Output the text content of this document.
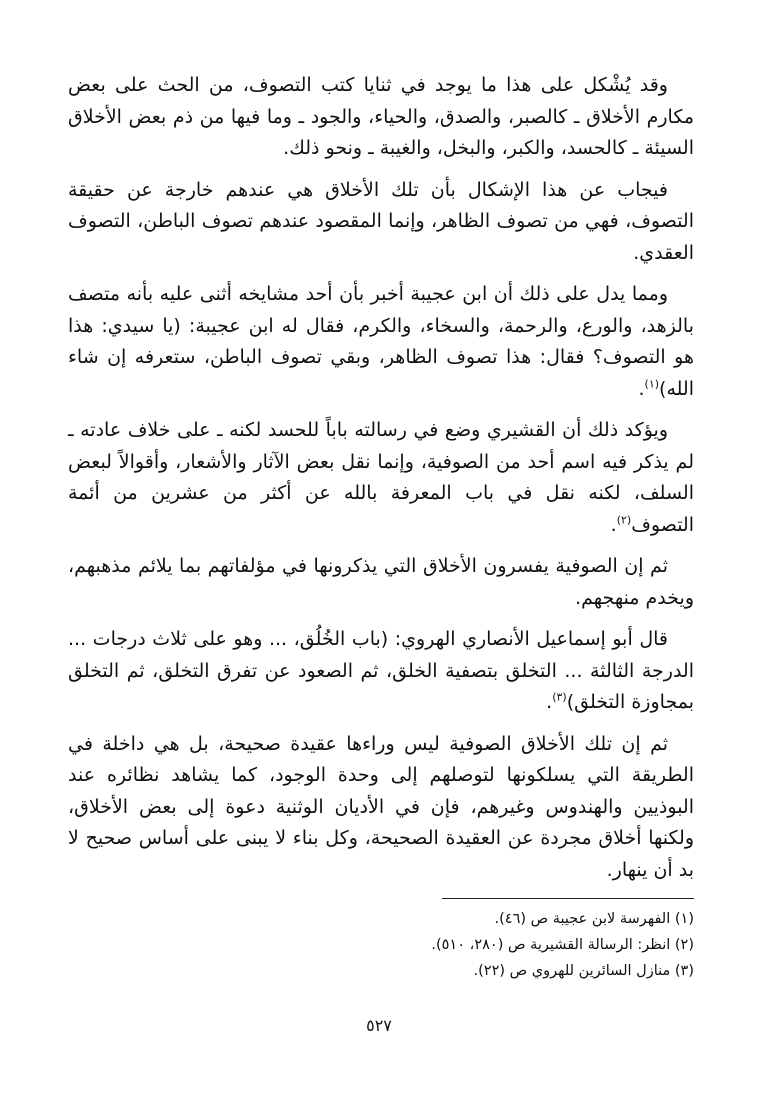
وقد يُشْكل على هذا ما يوجد في ثنايا كتب التصوف، من الحث على بعض مكارم الأخلاق ـ كالصبر، والصدق، والحياء، والجود ـ وما فيها من ذم بعض الأخلاق السيئة ـ كالحسد، والكبر، والبخل، والغيبة ـ ونحو ذلك.

فيجاب عن هذا الإشكال بأن تلك الأخلاق هي عندهم خارجة عن حقيقة التصوف، فهي من تصوف الظاهر، وإنما المقصود عندهم تصوف الباطن، التصوف العقدي.

ومما يدل على ذلك أن ابن عجيبة أخبر بأن أحد مشايخه أثنى عليه بأنه متصف بالزهد، والورع، والرحمة، والسخاء، والكرم، فقال له ابن عجيبة: (يا سيدي: هذا هو التصوف؟ فقال: هذا تصوف الظاهر، وبقي تصوف الباطن، ستعرفه إن شاء الله)$^{(١)}$.

ويؤكد ذلك أن القشيري وضع في رسالته باباً للحسد لكنه ـ على خلاف عادته ـ لم يذكر فيه اسم أحد من الصوفية، وإنما نقل بعض الآثار والأشعار، وأقوالاً لبعض السلف، لكنه نقل في باب المعرفة بالله عن أكثر من عشرين من أئمة التصوف$^{(٢)}$.

ثم إن الصوفية يفسرون الأخلاق التي يذكرونها في مؤلفاتهم بما يلائم مذهبهم، ويخدم منهجهم.

قال أبو إسماعيل الأنصاري الهروي: (باب الخُلُق، ... وهو على ثلاث درجات ... الدرجة الثالثة ... التخلق بتصفية الخلق، ثم الصعود عن تفرق التخلق، ثم التخلق بمجاوزة التخلق)$^{(٣)}$.

ثم إن تلك الأخلاق الصوفية ليس وراءها عقيدة صحيحة، بل هي داخلة في الطريقة التي يسلكونها لتوصلهم إلى وحدة الوجود، كما يشاهد نظائره عند البوذيين والهندوس وغيرهم، فإن في الأديان الوثنية دعوة إلى بعض الأخلاق، ولكنها أخلاق مجردة عن العقيدة الصحيحة، وكل بناء لا يبنى على أساس صحيح لا بد أن ينهار.

(١) الفهرسة لابن عجيبة ص (٤٦).

(٢) انظر: الرسالة القشيرية ص (٢٨٠، ٥١٠).

(٣) منازل السائرين للهروي ص (٢٢).

٥٢٧
